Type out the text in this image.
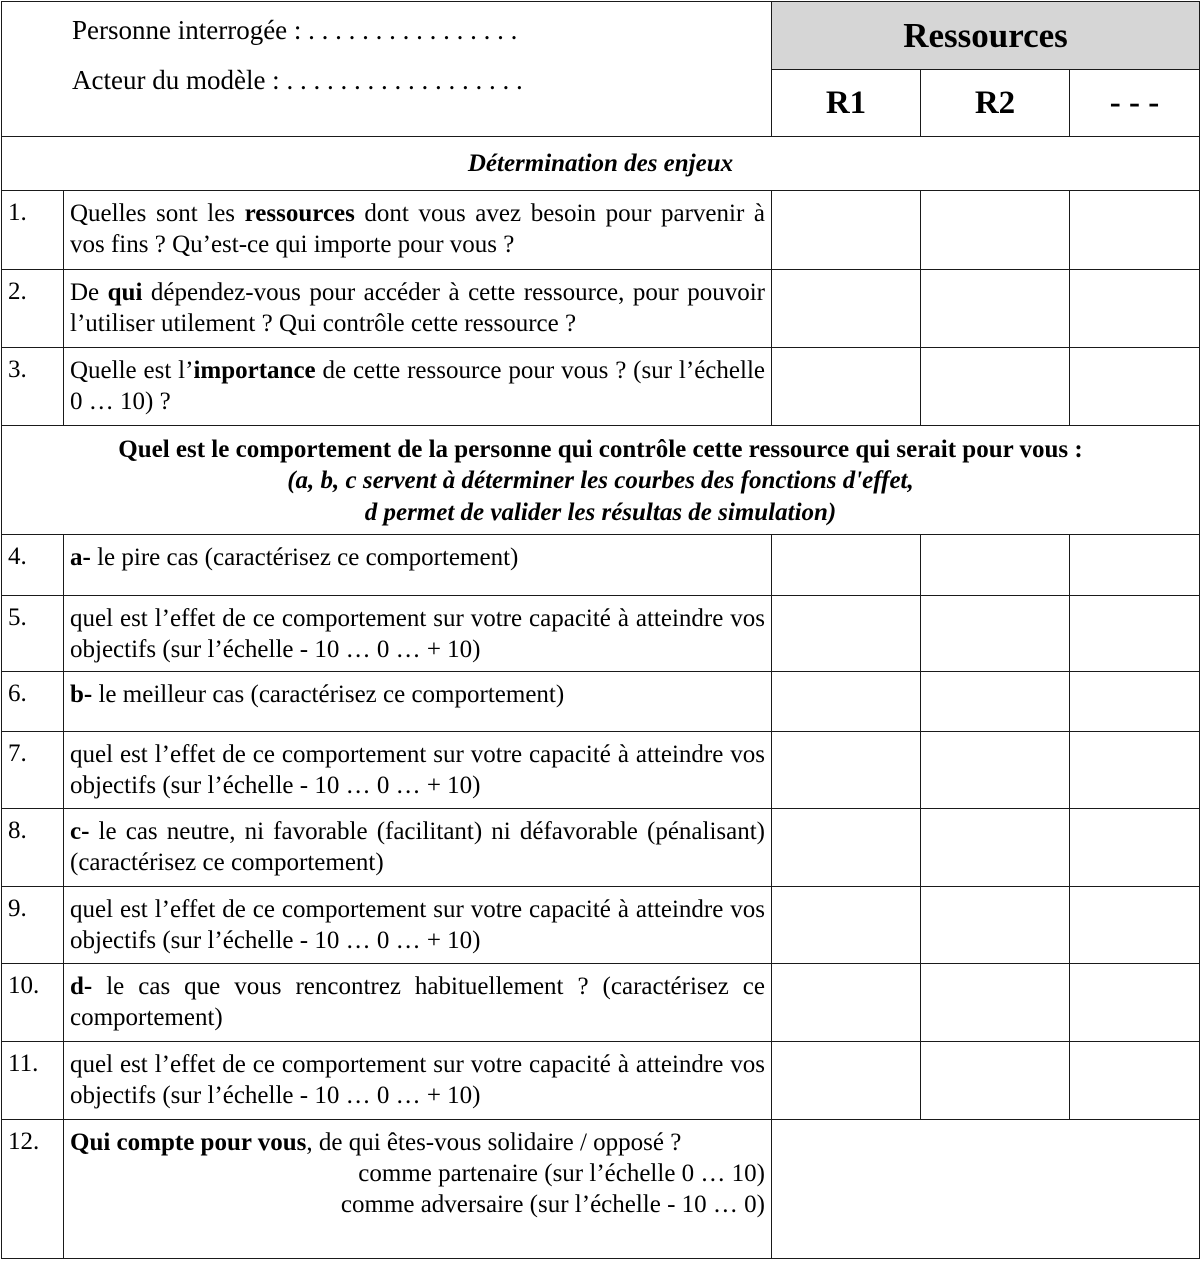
Personne interrogée : . . . . . . . . . . . . . . . .
Acteur du modèle : . . . . . . . . . . . . . . . . . .		Ressources		
		R1	R2	- - -
Détermination des enjeux				
1.	Quelles sont les ressources dont vous avez besoin pour parvenir à vos fins ? Qu’est-ce qui importe pour vous ?			
2.	De qui dépendez-vous pour accéder à cette ressource, pour pouvoir l’utiliser utilement ? Qui contrôle cette ressource ?			
3.	Quelle est l’importance de cette ressource pour vous ? (sur l’échelle 0 … 10) ?			

Quel est le comportement de la personne qui contrôle cette ressource qui serait pour vous :
(a, b, c servent à déterminer les courbes des fonctions d'effet,
d permet de valider les résultas de simulation)				

4.	a- le pire cas (caractérisez ce comportement)			
5.	quel est l’effet de ce comportement sur votre capacité à atteindre vos objectifs (sur l’échelle - 10 … 0 … + 10)			
6.	b- le meilleur cas (caractérisez ce comportement)			
7.	quel est l’effet de ce comportement sur votre capacité à atteindre vos objectifs (sur l’échelle - 10 … 0 … + 10)			
8.	c- le cas neutre, ni favorable (facilitant) ni défavorable (pénalisant) (caractérisez ce comportement)			
9.	quel est l’effet de ce comportement sur votre capacité à atteindre vos objectifs (sur l’échelle - 10 … 0 … + 10)			
10.	d- le cas que vous rencontrez habituellement ? (caractérisez ce comportement)			
11.	quel est l’effet de ce comportement sur votre capacité à atteindre vos objectifs (sur l’échelle - 10 … 0 … + 10)			
12.	Qui compte pour vous, de qui êtes-vous solidaire / opposé ?
comme partenaire (sur l’échelle 0 … 10)
comme adversaire (sur l’échelle - 10 … 0)			
